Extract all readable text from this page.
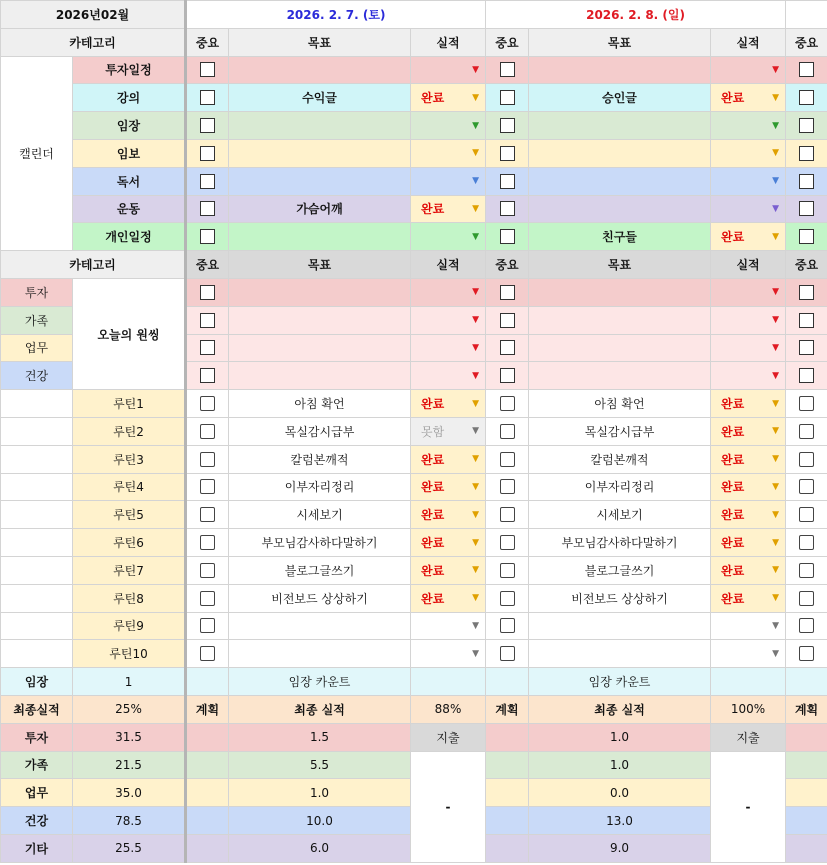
2026년02월		2026. 2. 7. (토)			2026. 2. 8. (일)			
카테고리		중요	목표	실적	중요	목표	실적	중요
캘린더	투자일정			▼			▼	

	강의		수익글	완료 ▼		승인글	완료 ▼	

	임장			▼			▼	

	임보			▼			▼	

	독서			▼			▼	

	운동		가슴어깨	완료 ▼			▼	

	개인일정			▼		친구들	완료 ▼	

카테고리		중요	목표	실적	중요	목표	실적	중요
투자	오늘의 원씽			▼			▼	

가족				▼			▼	

업무				▼			▼	

건강				▼			▼	

	루틴1		아침 확언	완료 ▼		아침 확언	완료 ▼	

	루틴2		목실감시급부	못함 ▼		목실감시급부	완료 ▼	

	루틴3		칼럼본깨적	완료 ▼		칼럼본깨적	완료 ▼	

	루틴4		이부자리정리	완료 ▼		이부자리정리	완료 ▼	

	루틴5		시세보기	완료 ▼		시세보기	완료 ▼	

	루틴6		부모님감사하다말하기	완료 ▼		부모님감사하다말하기	완료 ▼	

	루틴7		블로그글쓰기	완료 ▼		블로그글쓰기	완료 ▼	

	루틴8		비전보드 상상하기	완료 ▼		비전보드 상상하기	완료 ▼	

	루틴9			▼			▼	

	루틴10			▼			▼	

임장	1		임장 카운트			임장 카운트		
최종실적	25%	계획	최종 실적	88%	계획	최종 실적	100%	계획
투자	31.5		1.5	지출		1.0	지출	
가족	21.5		5.5	-		1.0	-	
업무	35.0		1.0			0.0		
건강	78.5		10.0			13.0		
기타	25.5		6.0			9.0		
